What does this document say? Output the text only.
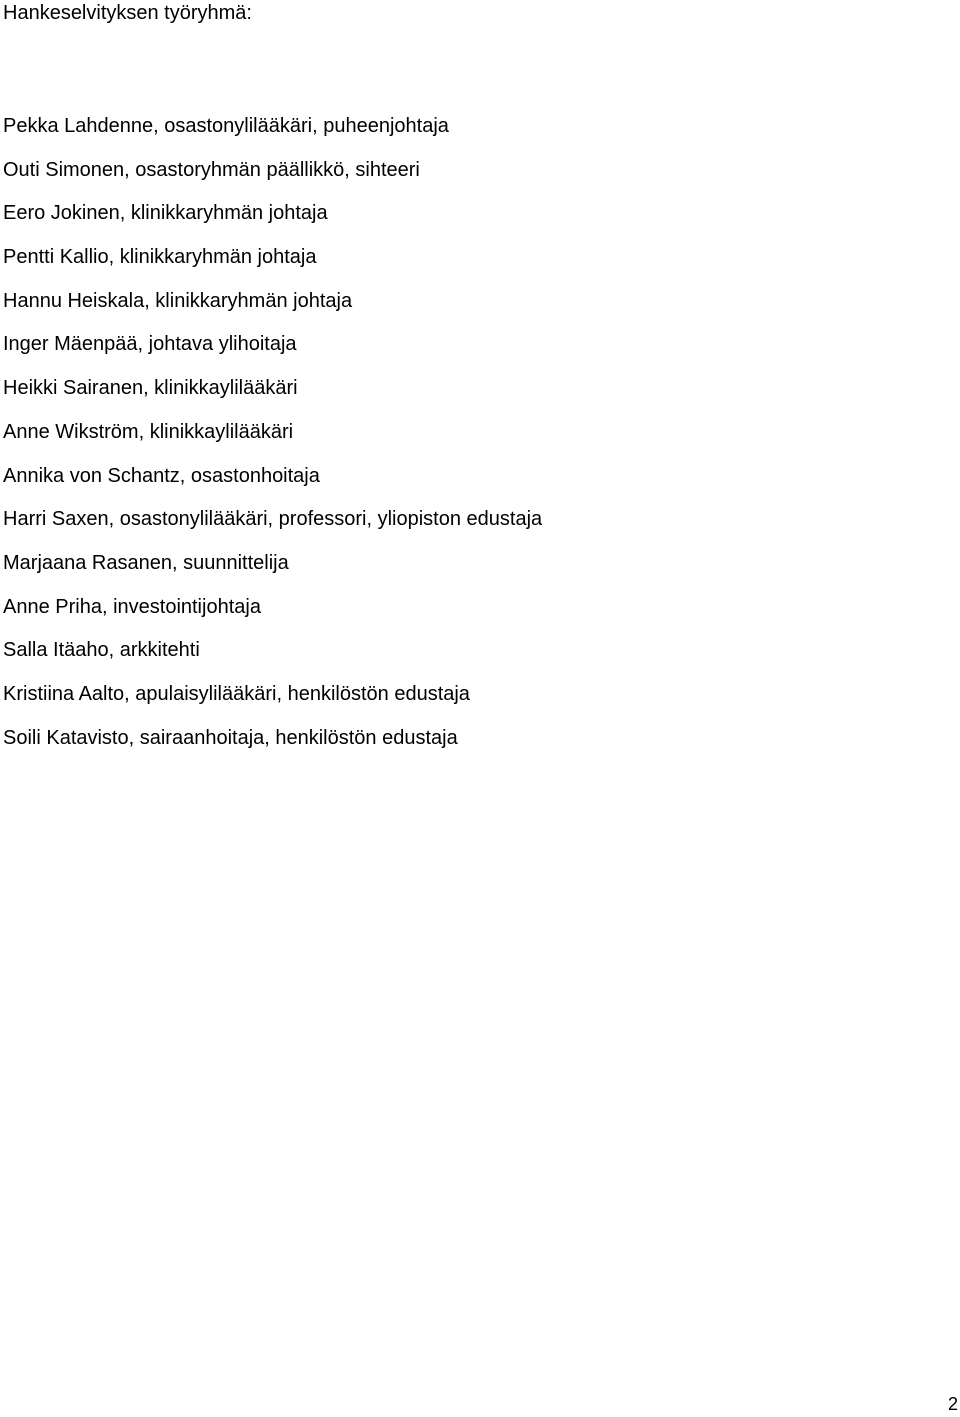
Hankeselvityksen työryhmä:
Pekka Lahdenne, osastonylilääkäri, puheenjohtaja
Outi Simonen, osastoryhmän päällikkö, sihteeri
Eero Jokinen, klinikkaryhmän johtaja
Pentti Kallio, klinikkaryhmän johtaja
Hannu Heiskala, klinikkaryhmän johtaja
Inger Mäenpää, johtava ylihoitaja
Heikki Sairanen, klinikkaylilääkäri
Anne Wikström, klinikkaylilääkäri
Annika von Schantz, osastonhoitaja
Harri Saxen, osastonylilääkäri, professori, yliopiston edustaja
Marjaana Rasanen, suunnittelija
Anne Priha, investointijohtaja
Salla Itäaho, arkkitehti
Kristiina Aalto, apulaisylilääkäri, henkilöstön edustaja
Soili Katavisto, sairaanhoitaja, henkilöstön edustaja
2
